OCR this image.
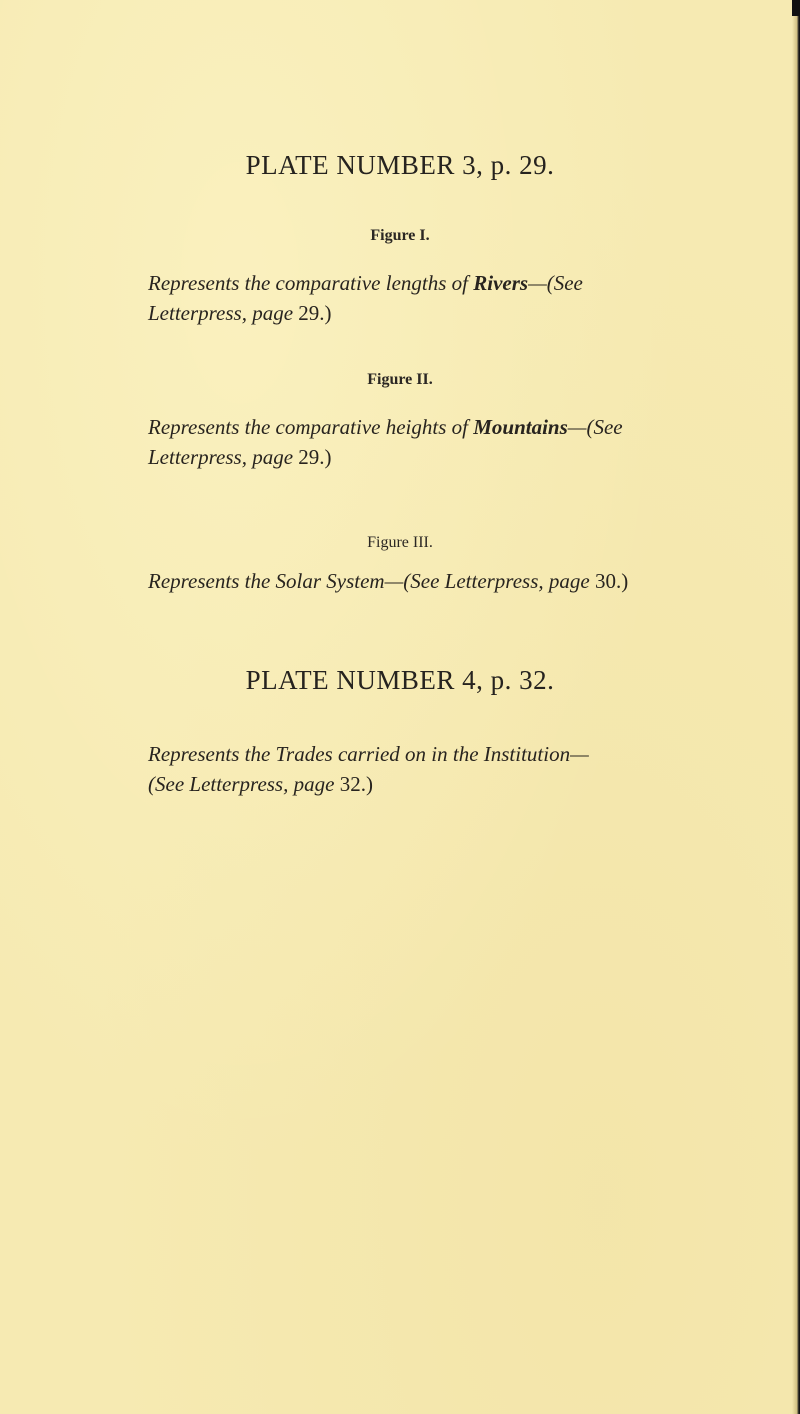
PLATE NUMBER 3, p. 29.
Figure I.

Represents the comparative lengths of Rivers—(See
Letterpress, page 29.)

Figure II.

Represents the comparative heights of Mountains—(See
Letterpress, page 29.)

Figure III.

Represents the Solar System—(See Letterpress, page 30.)

PLATE NUMBER 4, p. 32.

Represents the Trades carried on in the Institution—
(See Letterpress, page 32.)
